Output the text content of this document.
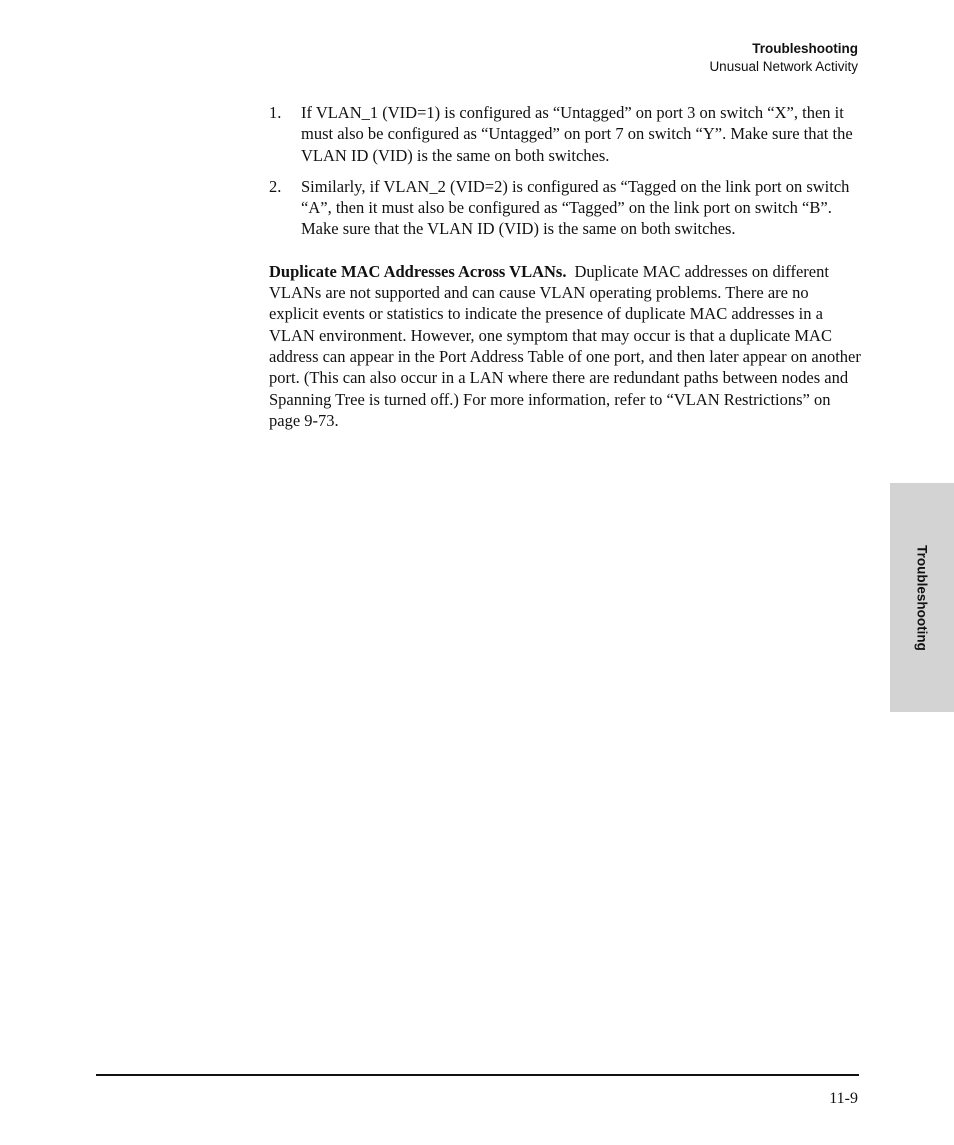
Troubleshooting
Unusual Network Activity
1.	If VLAN_1 (VID=1) is configured as “Untagged” on port 3 on switch “X”, then it must also be configured as “Untagged” on port 7 on switch “Y”. Make sure that the VLAN ID (VID) is the same on both switches.
2.	Similarly, if VLAN_2 (VID=2) is configured as “Tagged on the link port on switch “A”, then it must also be configured as “Tagged” on the link port on switch “B”. Make sure that the VLAN ID (VID) is the same on both switches.

Duplicate MAC Addresses Across VLANs. Duplicate MAC addresses on different VLANs are not supported and can cause VLAN operating problems. There are no explicit events or statistics to indicate the presence of duplicate MAC addresses in a VLAN environment. However, one symptom that may occur is that a duplicate MAC address can appear in the Port Address Table of one port, and then later appear on another port. (This can also occur in a LAN where there are redundant paths between nodes and Spanning Tree is turned off.) For more information, refer to “VLAN Restrictions” on page 9-73.

Troubleshooting
11-9
